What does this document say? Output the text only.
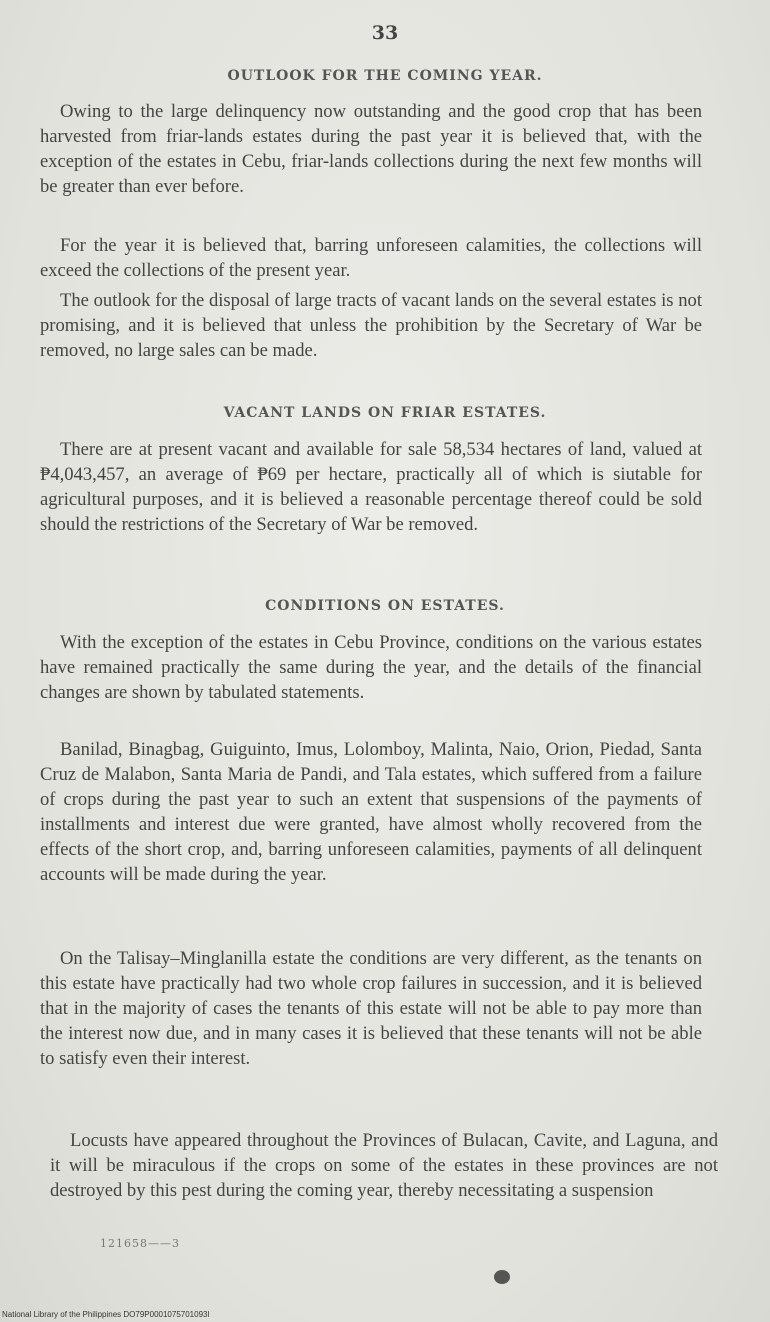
33
OUTLOOK FOR THE COMING YEAR.

Owing to the large delinquency now outstanding and the good crop that has been harvested from friar-lands estates during the past year it is believed that, with the exception of the estates in Cebu, friar-lands collections during the next few months will be greater than ever before.

For the year it is believed that, barring unforeseen calamities, the collections will exceed the collections of the present year.

The outlook for the disposal of large tracts of vacant lands on the several estates is not promising, and it is believed that unless the prohibition by the Secretary of War be removed, no large sales can be made.

VACANT LANDS ON FRIAR ESTATES.

There are at present vacant and available for sale 58,534 hectares of land, valued at ₱4,043,457, an average of ₱69 per hectare, practically all of which is siutable for agricultural purposes, and it is believed a reasonable percentage thereof could be sold should the restrictions of the Secretary of War be removed.

CONDITIONS ON ESTATES.

With the exception of the estates in Cebu Province, conditions on the various estates have remained practically the same during the year, and the details of the financial changes are shown by tabulated statements.

Banilad, Binagbag, Guiguinto, Imus, Lolomboy, Malinta, Naio, Orion, Piedad, Santa Cruz de Malabon, Santa Maria de Pandi, and Tala estates, which suffered from a failure of crops during the past year to such an extent that suspensions of the payments of installments and interest due were granted, have almost wholly recovered from the effects of the short crop, and, barring unforeseen calamities, payments of all delinquent accounts will be made during the year.

On the Talisay–Minglanilla estate the conditions are very different, as the tenants on this estate have practically had two whole crop failures in succession, and it is believed that in the majority of cases the tenants of this estate will not be able to pay more than the interest now due, and in many cases it is believed that these tenants will not be able to satisfy even their interest.

Locusts have appeared throughout the Provinces of Bulacan, Cavite, and Laguna, and it will be miraculous if the crops on some of the estates in these provinces are not destroyed by this pest during the coming year, thereby necessitating a suspension

121658——3
National Library of the Philippines DO79P0001075701093l
